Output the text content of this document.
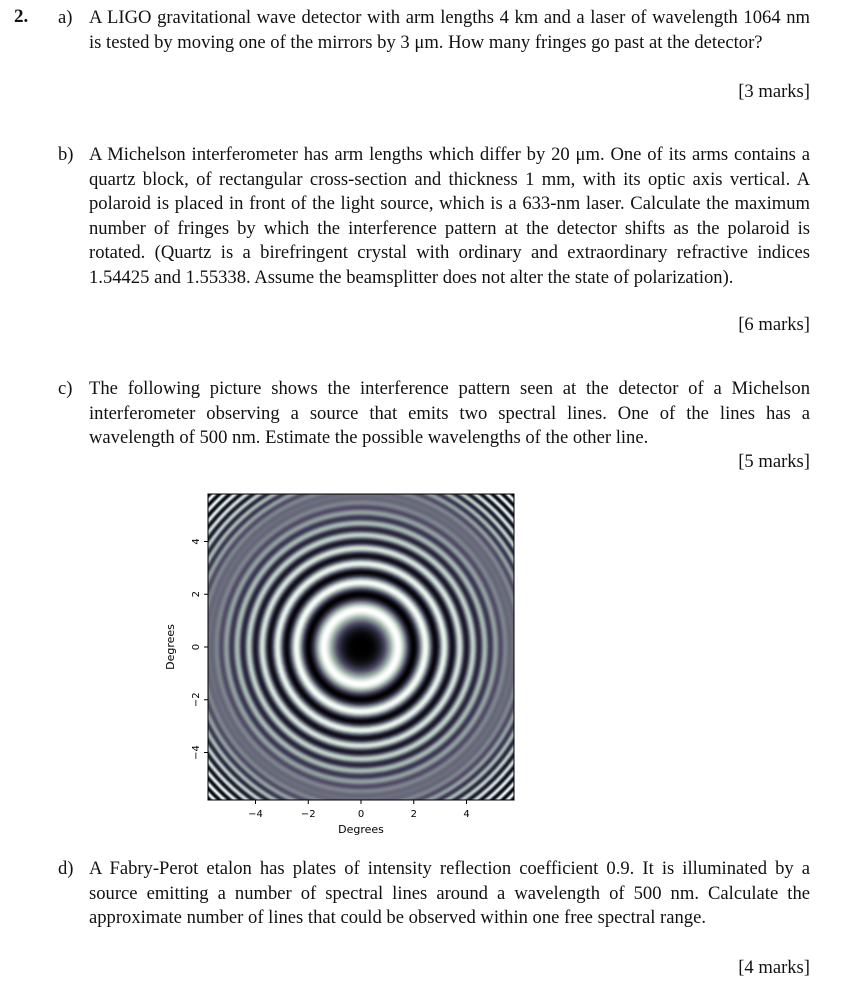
2. a) A LIGO gravitational wave detector with arm lengths 4 km and a laser of wavelength 1064 nm is tested by moving one of the mirrors by 3 μm. How many fringes go past at the detector?
[3 marks]
b) A Michelson interferometer has arm lengths which differ by 20 μm. One of its arms contains a quartz block, of rectangular cross-section and thickness 1 mm, with its optic axis vertical. A polaroid is placed in front of the light source, which is a 633-nm laser. Calculate the maximum number of fringes by which the interference pattern at the detector shifts as the polaroid is rotated. (Quartz is a birefringent crystal with ordinary and extraordinary refractive indices 1.54425 and 1.55338. Assume the beamsplitter does not alter the state of polarization).
[6 marks]
c) The following picture shows the interference pattern seen at the detector of a Michelson interferometer observing a source that emits two spectral lines. One of the lines has a wavelength of 500 nm. Estimate the possible wavelengths of the other line.
[5 marks]
−4	−2	0	2	4
4
2
0
−2
−4
Degrees
Degrees
d) A Fabry-Perot etalon has plates of intensity reflection coefficient 0.9. It is illuminated by a source emitting a number of spectral lines around a wavelength of 500 nm. Calculate the approximate number of lines that could be observed within one free spectral range.
[4 marks]
